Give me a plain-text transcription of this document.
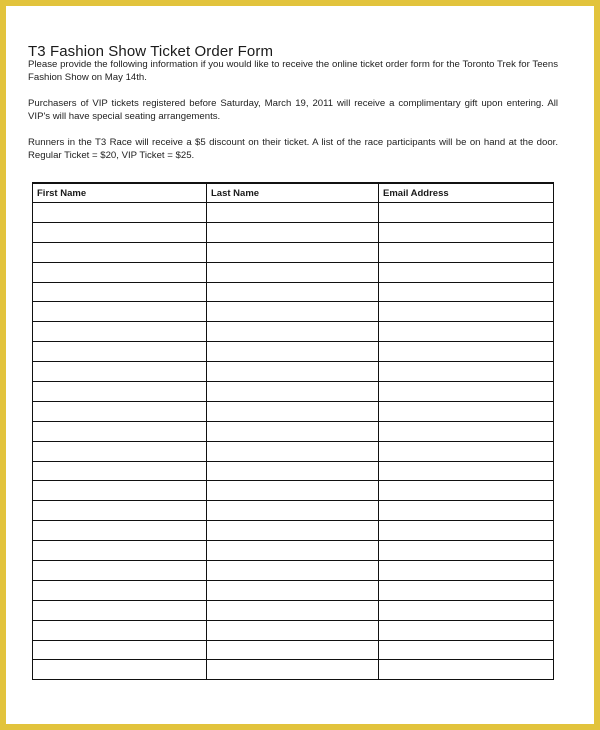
T3 Fashion Show Ticket Order Form

Please provide the following information if you would like to receive the online ticket order form for the Toronto Trek for Teens Fashion Show on May 14th.

Purchasers of VIP tickets registered before Saturday, March 19, 2011 will receive a complimentary gift upon entering. All VIP's will have special seating arrangements.

Runners in the T3 Race will receive a $5 discount on their ticket. A list of the race participants will be on hand at the door. Regular Ticket = $20, VIP Ticket = $25.

First Name	Last Name	Email Address
